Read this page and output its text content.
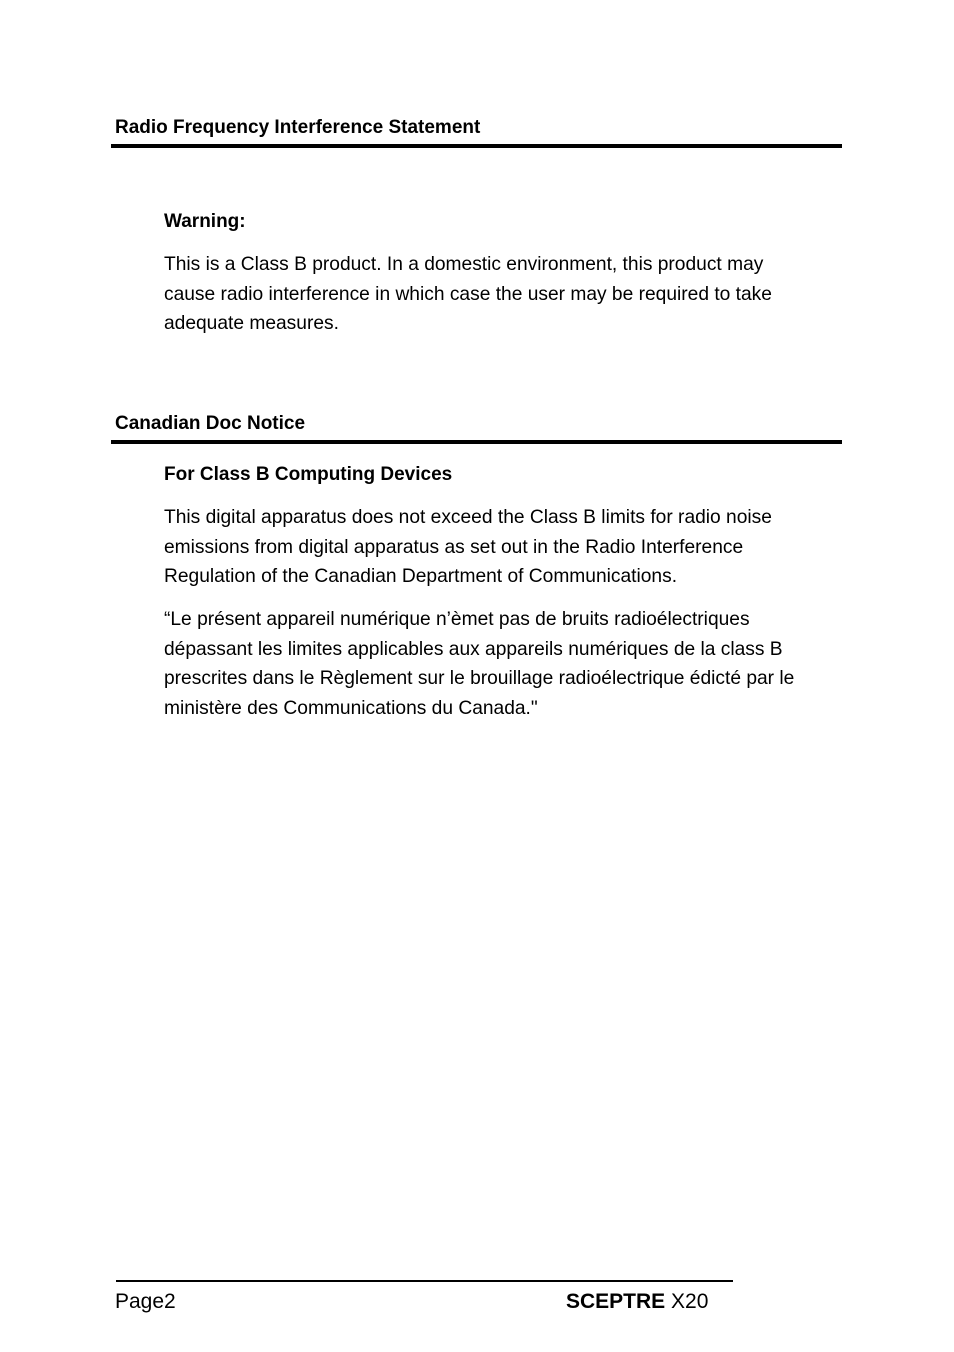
Radio Frequency Interference Statement
Warning:

This is a Class B product. In a domestic environment, this product may
cause radio interference in which case the user may be required to take
adequate measures.

Canadian Doc Notice
For Class B Computing Devices

This digital apparatus does not exceed the Class B limits for radio noise
emissions from digital apparatus as set out in the Radio Interference
Regulation of the Canadian Department of Communications.

“Le présent appareil numérique n’èmet pas de bruits radioélectriques
dépassant les limites applicables aux appareils numériques de la class B
prescrites dans le Règlement sur le brouillage radioélectrique édicté par le
ministère des Communications du Canada."

Page2	SCEPTRE X20
